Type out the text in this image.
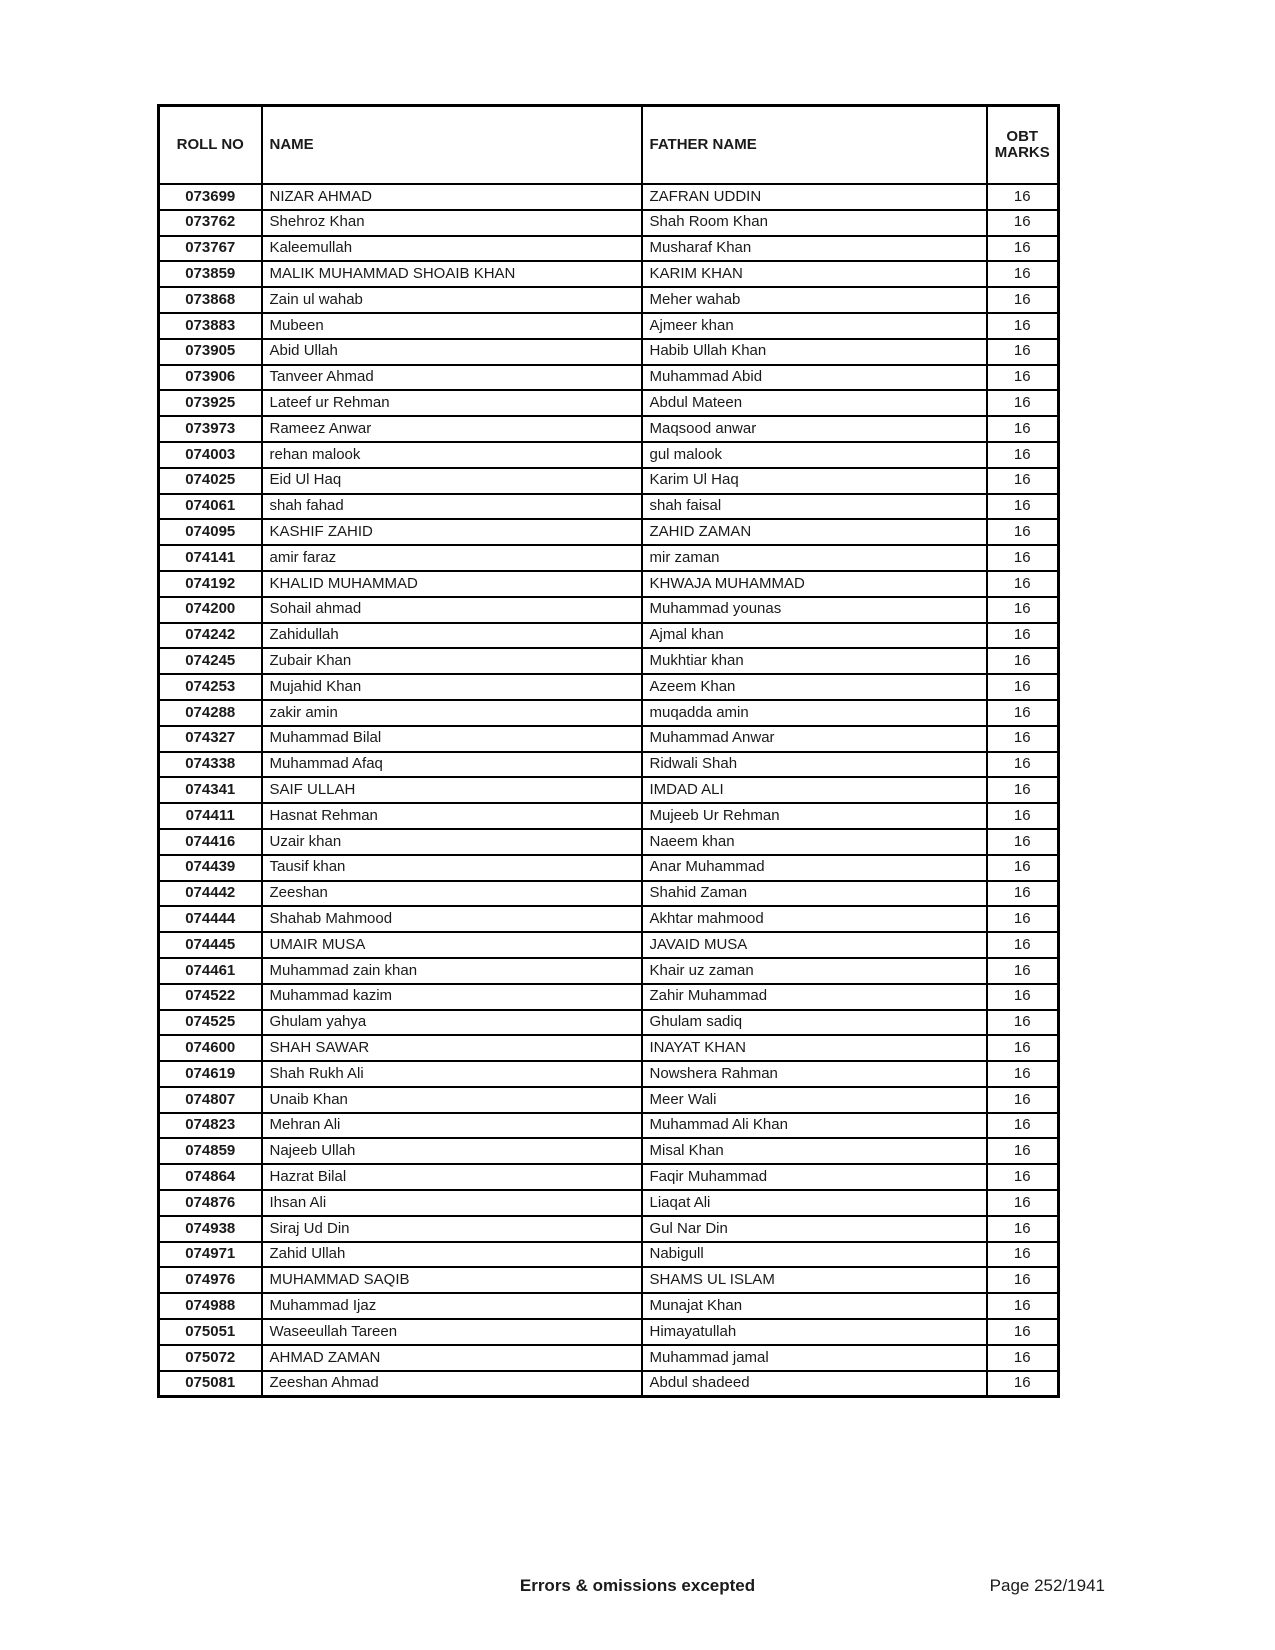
ROLL NO	NAME	FATHER NAME	OBT MARKS
073699	NIZAR AHMAD	ZAFRAN UDDIN	16
073762	Shehroz Khan	Shah Room Khan	16
073767	Kaleemullah	Musharaf Khan	16
073859	MALIK MUHAMMAD SHOAIB KHAN	KARIM KHAN	16
073868	Zain ul wahab	Meher wahab	16
073883	Mubeen	Ajmeer khan	16
073905	Abid Ullah	Habib Ullah Khan	16
073906	Tanveer Ahmad	Muhammad Abid	16
073925	Lateef ur Rehman	Abdul Mateen	16
073973	Rameez Anwar	Maqsood anwar	16
074003	rehan malook	gul malook	16
074025	Eid Ul Haq	Karim Ul Haq	16
074061	shah fahad	shah faisal	16
074095	KASHIF ZAHID	ZAHID ZAMAN	16
074141	amir faraz	mir zaman	16
074192	KHALID MUHAMMAD	KHWAJA MUHAMMAD	16
074200	Sohail ahmad	Muhammad younas	16
074242	Zahidullah	Ajmal khan	16
074245	Zubair Khan	Mukhtiar khan	16
074253	Mujahid Khan	Azeem Khan	16
074288	zakir amin	muqadda amin	16
074327	Muhammad Bilal	Muhammad Anwar	16
074338	Muhammad Afaq	Ridwali Shah	16
074341	SAIF ULLAH	IMDAD ALI	16
074411	Hasnat Rehman	Mujeeb Ur Rehman	16
074416	Uzair khan	Naeem khan	16
074439	Tausif khan	Anar Muhammad	16
074442	Zeeshan	Shahid Zaman	16
074444	Shahab Mahmood	Akhtar mahmood	16
074445	UMAIR MUSA	JAVAID MUSA	16
074461	Muhammad zain khan	Khair uz zaman	16
074522	Muhammad kazim	Zahir Muhammad	16
074525	Ghulam yahya	Ghulam sadiq	16
074600	SHAH SAWAR	INAYAT KHAN	16
074619	Shah Rukh Ali	Nowshera Rahman	16
074807	Unaib Khan	Meer Wali	16
074823	Mehran Ali	Muhammad Ali Khan	16
074859	Najeeb Ullah	Misal Khan	16
074864	Hazrat Bilal	Faqir Muhammad	16
074876	Ihsan Ali	Liaqat Ali	16
074938	Siraj Ud Din	Gul Nar Din	16
074971	Zahid Ullah	Nabigull	16
074976	MUHAMMAD SAQIB	SHAMS UL ISLAM	16
074988	Muhammad Ijaz	Munajat Khan	16
075051	Waseeullah Tareen	Himayatullah	16
075072	AHMAD ZAMAN	Muhammad jamal	16
075081	Zeeshan Ahmad	Abdul shadeed	16
Errors & omissions excepted	Page 252/1941
